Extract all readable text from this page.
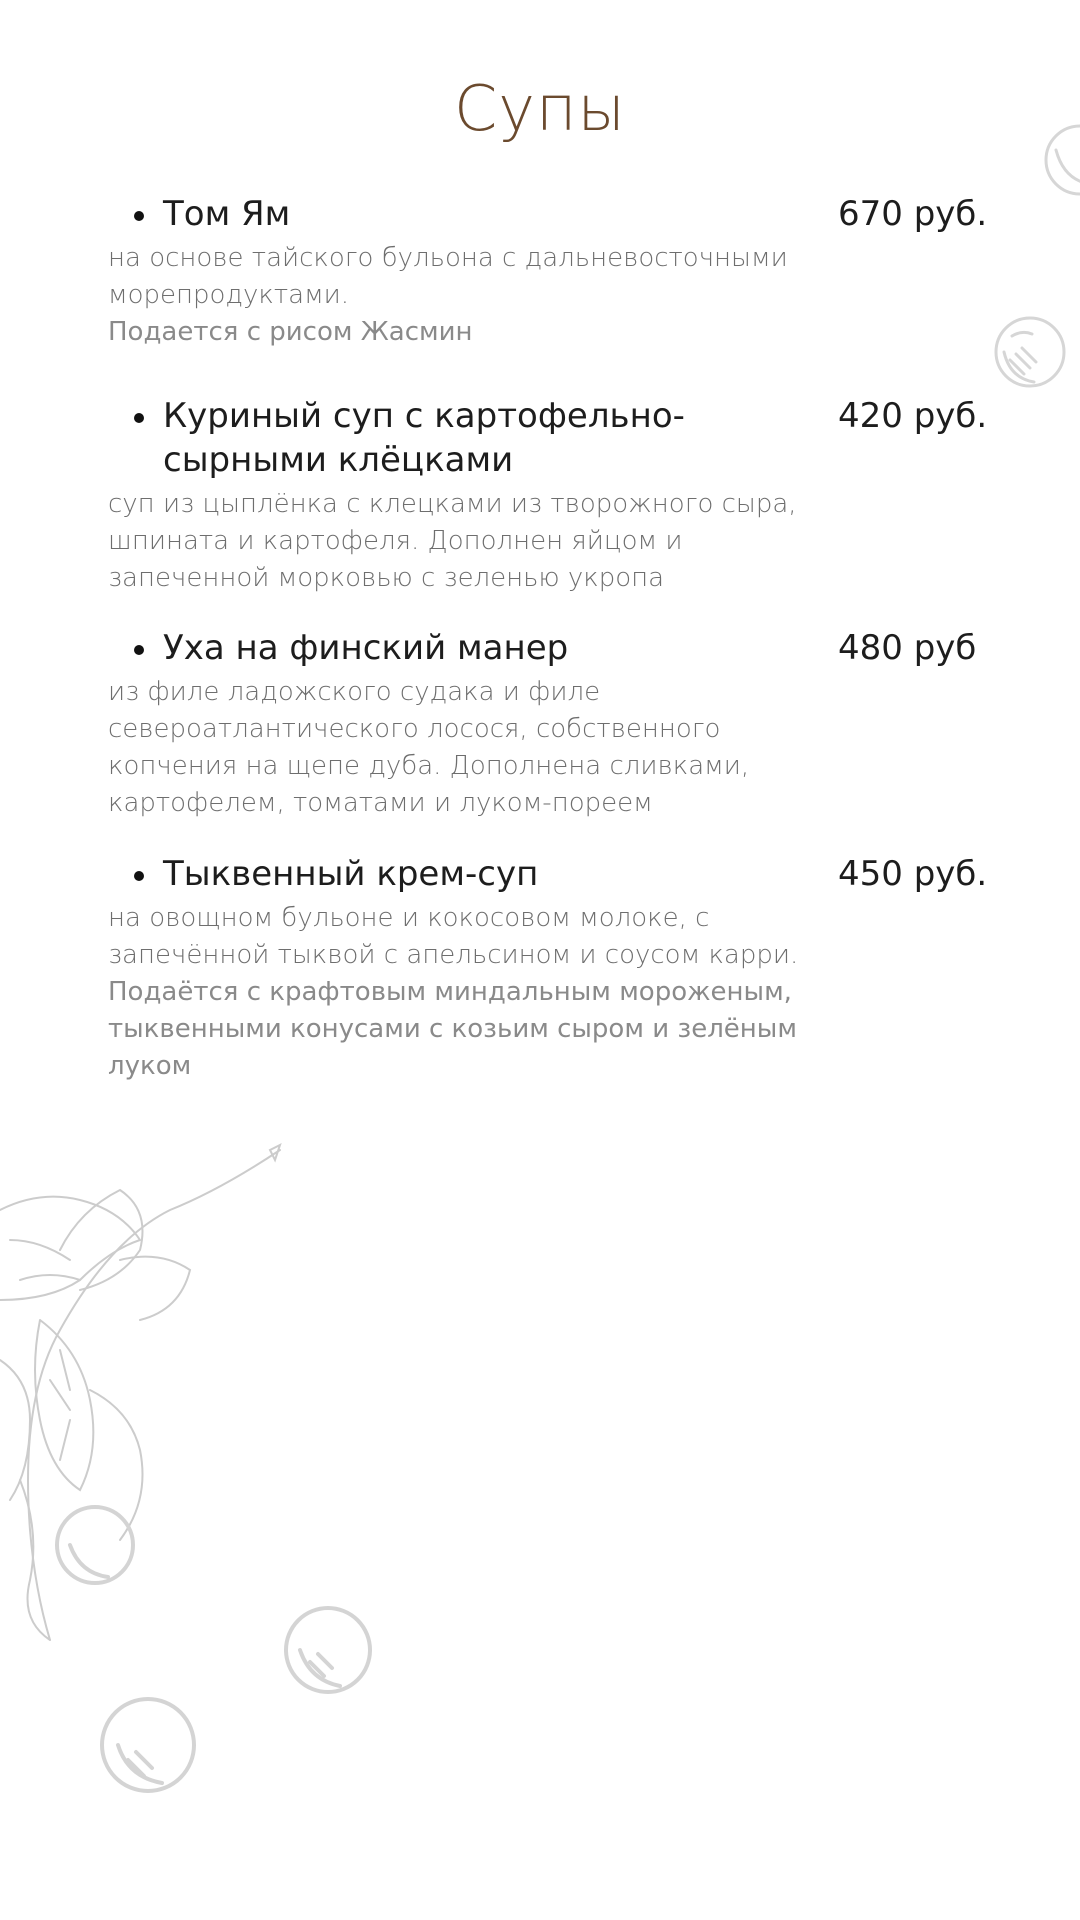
Супы
Том Ям	670 руб.
на основе тайского бульона с дальневосточными морепродуктами.
Подается с рисом Жасмин
Куриный суп с картофельно-сырными клёцками
420 руб.
суп из цыплёнка с клецками из творожного сыра, шпината и картофеля. Дополнен яйцом и запеченной морковью с зеленью укропа
Уха на финский манер	480 руб
из филе ладожского судака и филе североатлантического лосося, собственного копчения на щепе дуба. Дополнена сливками, картофелем, томатами и луком-пореем
Тыквенный крем-суп	450 руб.
на овощном бульоне и кокосовом молоке, с запечённой тыквой с апельсином и соусом карри.
Подаётся с крафтовым миндальным мороженым, тыквенными конусами с козьим сыром и зелёным луком
